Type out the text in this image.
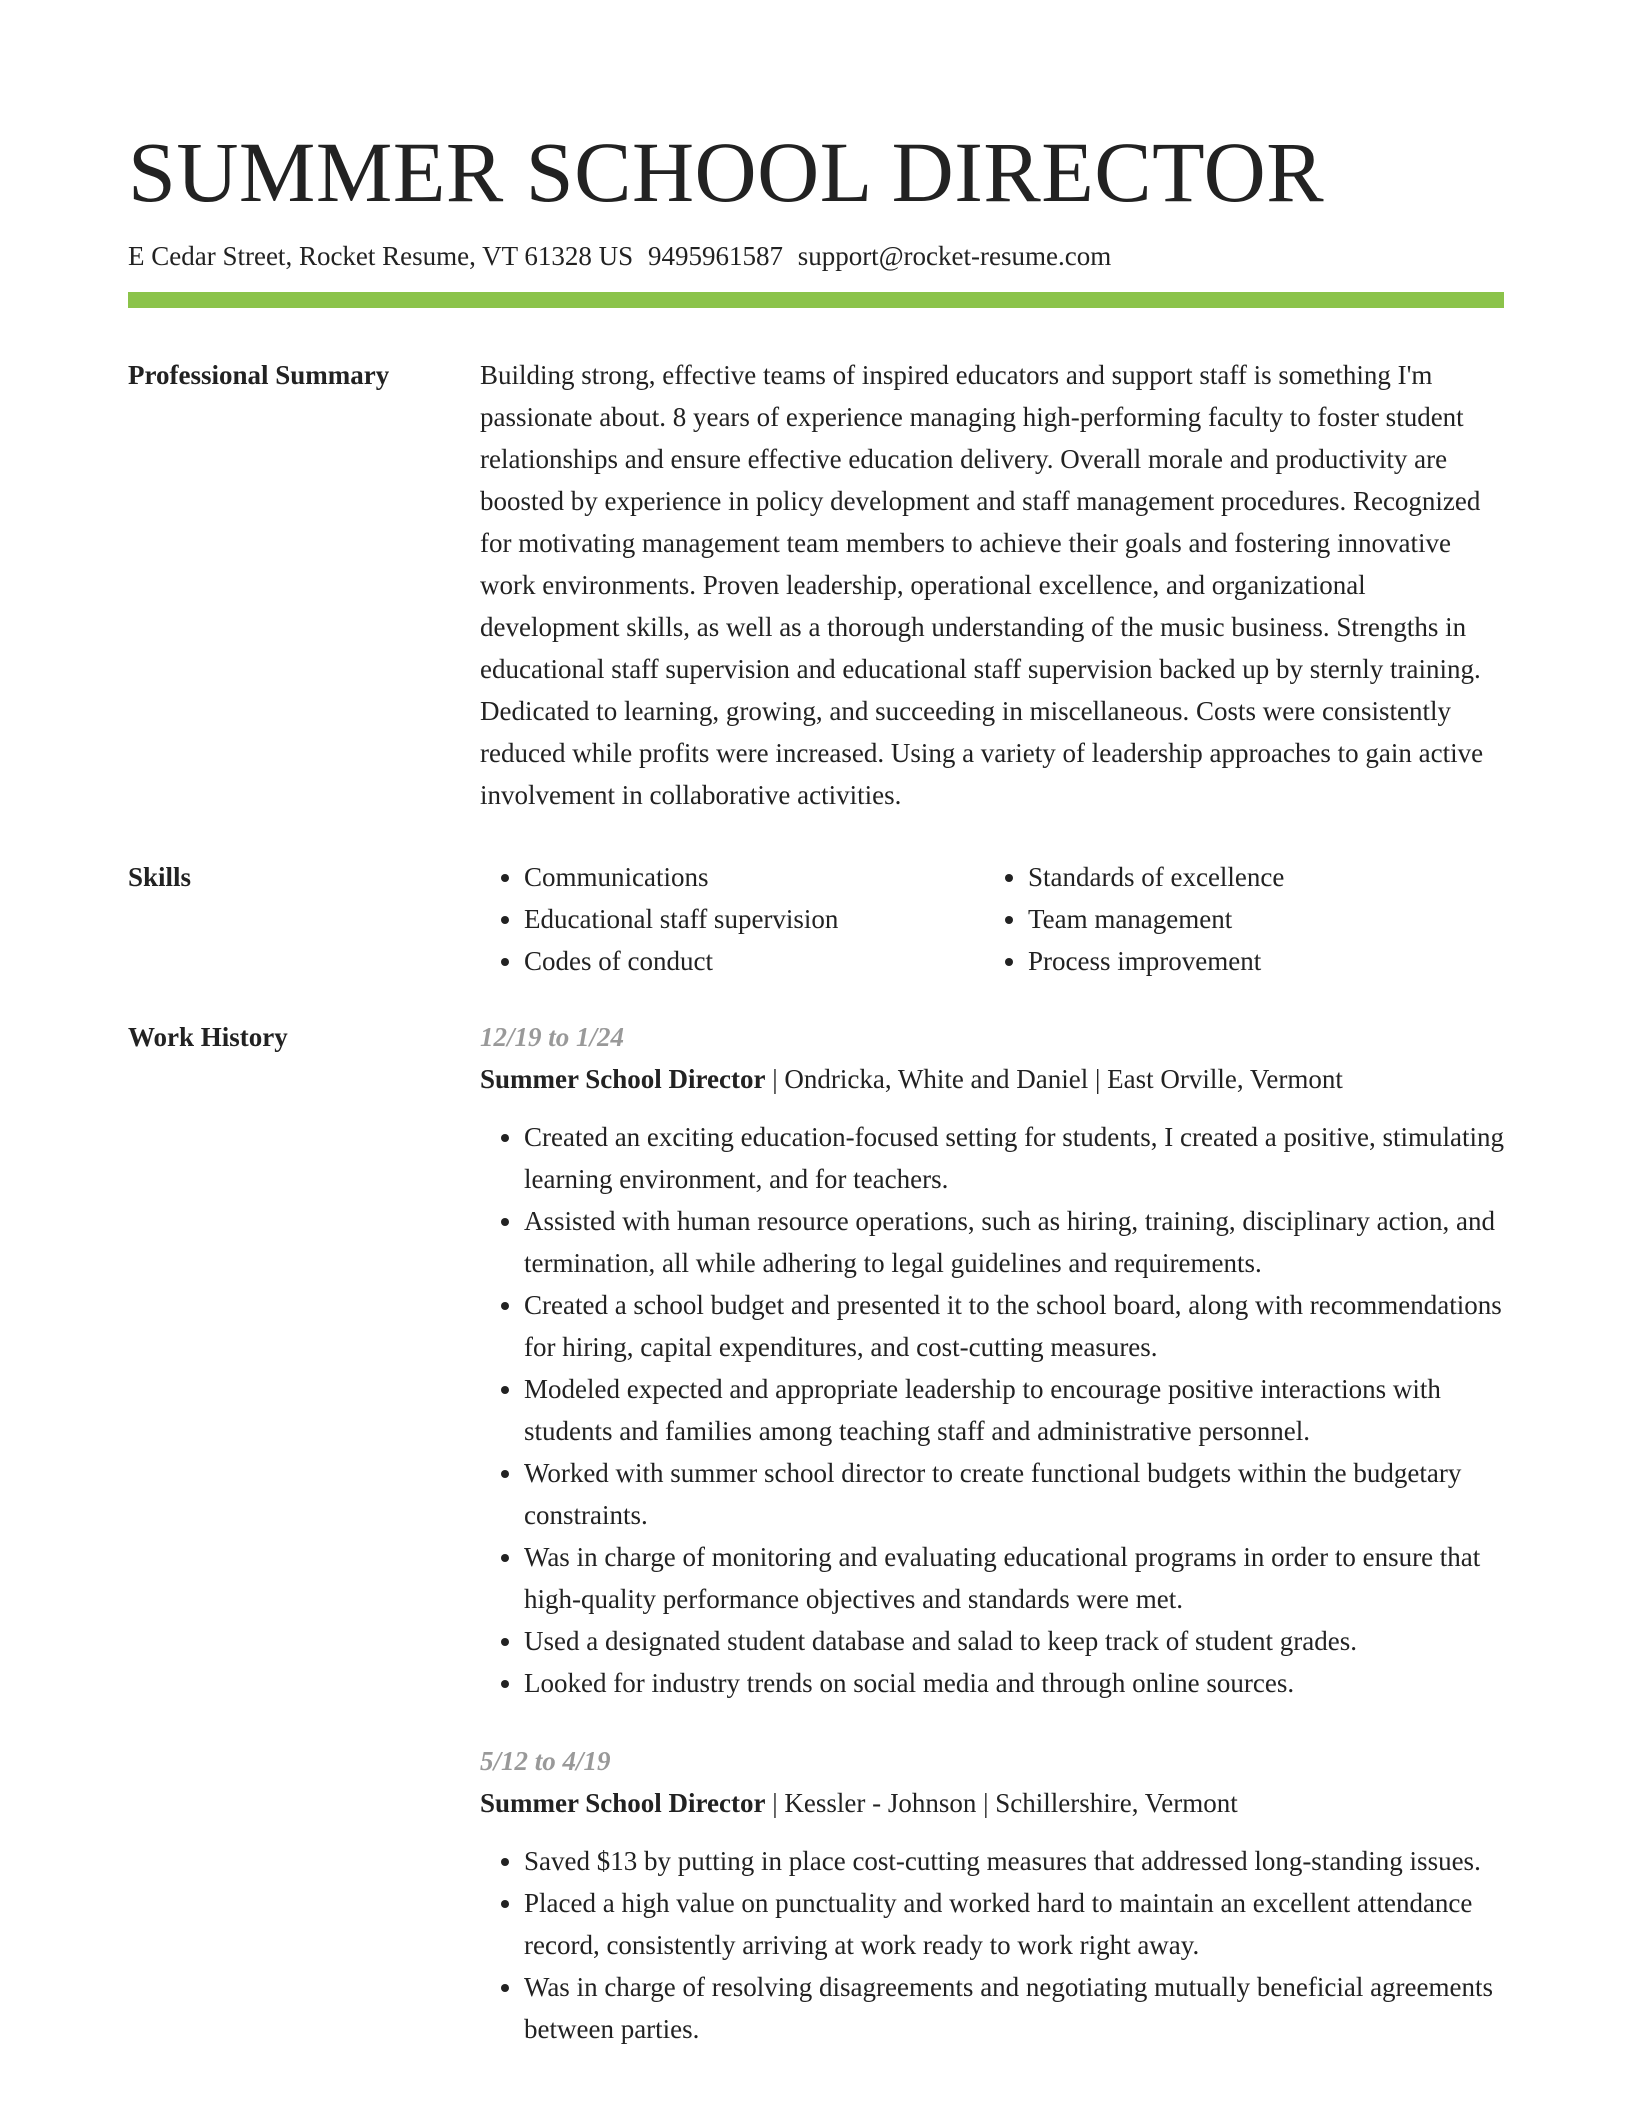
SUMMER SCHOOL DIRECTOR
E Cedar Street, Rocket Resume, VT 61328 US 9495961587 support@rocket-resume.com
Professional Summary	Building strong, effective teams of inspired educators and support staff is something I'm passionate about. 8 years of experience managing high-performing faculty to foster student relationships and ensure effective education delivery. Overall morale and productivity are boosted by experience in policy development and staff management procedures. Recognized for motivating management team members to achieve their goals and fostering innovative work environments. Proven leadership, operational excellence, and organizational development skills, as well as a thorough understanding of the music business. Strengths in educational staff supervision and educational staff supervision backed up by sternly training. Dedicated to learning, growing, and succeeding in miscellaneous. Costs were consistently reduced while profits were increased. Using a variety of leadership approaches to gain active involvement in collaborative activities.

Skills
•	Communications
• Educational staff supervision
• Codes of conduct
• Standards of excellence
• Team management
• Process improvement
Work History	12/19 to 1/24
Summer School Director | Ondricka, White and Daniel | East Orville, Vermont
• Created an exciting education-focused setting for students, I created a positive, stimulating learning environment, and for teachers.
• Assisted with human resource operations, such as hiring, training, disciplinary action, and termination, all while adhering to legal guidelines and requirements.
• Created a school budget and presented it to the school board, along with recommendations for hiring, capital expenditures, and cost-cutting measures.
• Modeled expected and appropriate leadership to encourage positive interactions with students and families among teaching staff and administrative personnel.
• Worked with summer school director to create functional budgets within the budgetary constraints.
• Was in charge of monitoring and evaluating educational programs in order to ensure that high-quality performance objectives and standards were met.
• Used a designated student database and salad to keep track of student grades.
• Looked for industry trends on social media and through online sources.
5/12 to 4/19
Summer School Director | Kessler - Johnson | Schillershire, Vermont
• Saved $13 by putting in place cost-cutting measures that addressed long-standing issues.
• Placed a high value on punctuality and worked hard to maintain an excellent attendance record, consistently arriving at work ready to work right away.
• Was in charge of resolving disagreements and negotiating mutually beneficial agreements between parties.
